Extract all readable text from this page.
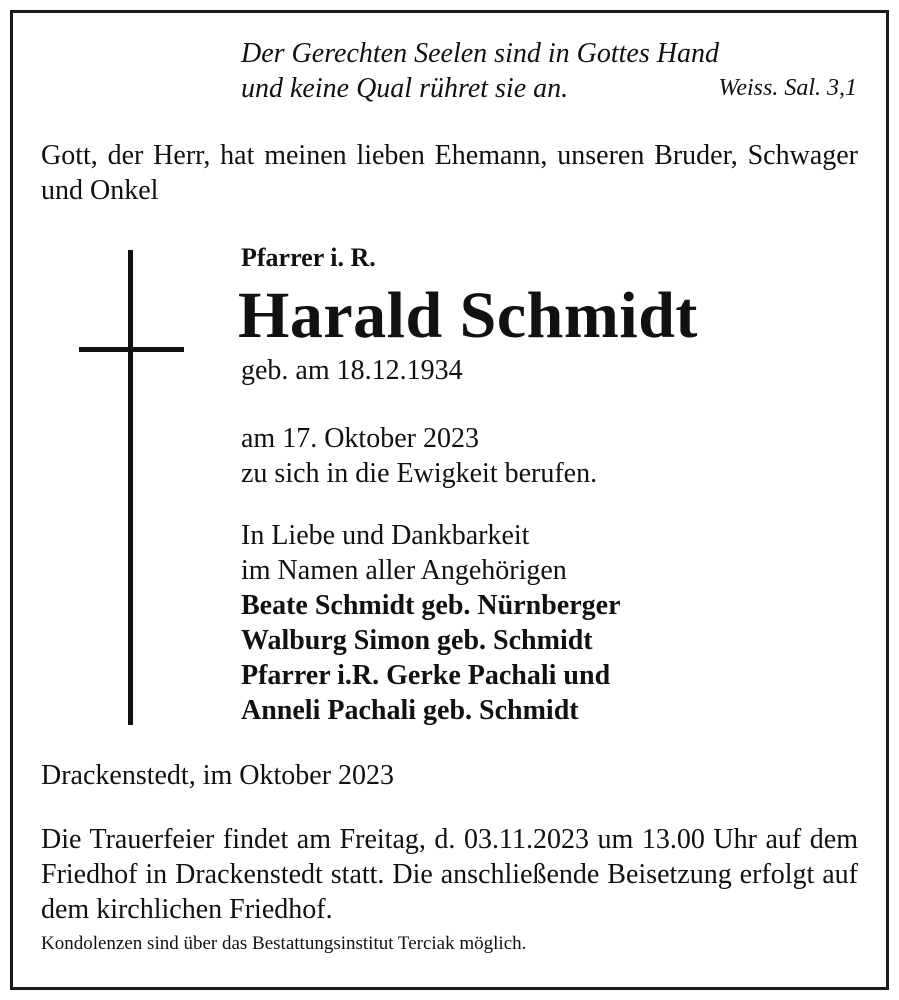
Der Gerechten Seelen sind in Gottes Hand
und keine Qual rühret sie an.	Weiss. Sal. 3,1
Gott, der Herr, hat meinen lieben Ehemann, unseren Bruder, Schwager und Onkel
Pfarrer i. R.
Harald Schmidt
geb. am 18.12.1934
am 17. Oktober 2023
zu sich in die Ewigkeit berufen.
In Liebe und Dankbarkeit
im Namen aller Angehörigen
Beate Schmidt geb. Nürnberger
Walburg Simon geb. Schmidt
Pfarrer i.R. Gerke Pachali und
Anneli Pachali geb. Schmidt
Drackenstedt, im Oktober 2023
Die Trauerfeier findet am Freitag, d. 03.11.2023 um 13.00 Uhr auf dem Friedhof in Drackenstedt statt. Die anschließende Beisetzung erfolgt auf dem kirchlichen Friedhof.
Kondolenzen sind über das Bestattungsinstitut Terciak möglich.
